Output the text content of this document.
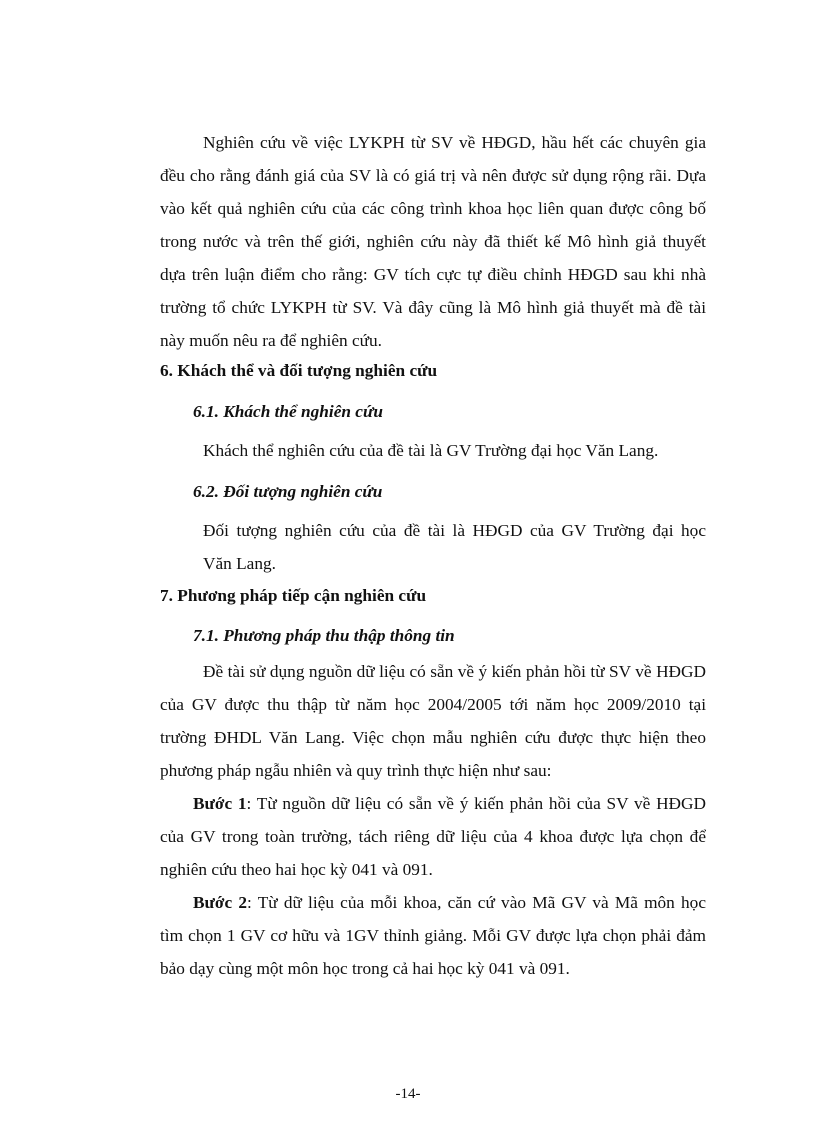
Nghiên cứu về việc LYKPH từ SV về HĐGD, hầu hết các chuyên gia
đều cho rằng đánh giá của SV là có giá trị và nên được sử dụng rộng rãi. Dựa
vào kết quả nghiên cứu của các công trình khoa học liên quan được công bố
trong nước và trên thế giới, nghiên cứu này đã thiết kế Mô hình giả thuyết
dựa trên luận điểm cho rằng: GV tích cực tự điều chỉnh HĐGD sau khi nhà
trường tổ chức LYKPH từ SV. Và đây cũng là Mô hình giả thuyết mà đề tài
này muốn nêu ra để nghiên cứu.
6. Khách thể và đối tượng nghiên cứu
6.1. Khách thể nghiên cứu
Khách thể nghiên cứu của đề tài là GV Trường đại học Văn Lang.
6.2. Đối tượng nghiên cứu
Đối tượng nghiên cứu của đề tài là HĐGD của GV Trường đại học
Văn Lang.
7. Phương pháp tiếp cận nghiên cứu
7.1. Phương pháp thu thập thông tin
Đề tài sử dụng nguồn dữ liệu có sẵn về ý kiến phản hồi từ SV về HĐGD
của GV được thu thập từ năm học 2004/2005 tới năm học 2009/2010 tại
trường ĐHDL Văn Lang. Việc chọn mẫu nghiên cứu được thực hiện theo
phương pháp ngẫu nhiên và quy trình thực hiện như sau:
Bước 1: Từ nguồn dữ liệu có sẵn về ý kiến phản hồi của SV về HĐGD
của GV trong toàn trường, tách riêng dữ liệu của 4 khoa được lựa chọn để
nghiên cứu theo hai học kỳ 041 và 091.
Bước 2: Từ dữ liệu của mỗi khoa, căn cứ vào Mã GV và Mã môn học
tìm chọn 1 GV cơ hữu và 1GV thỉnh giảng. Mỗi GV được lựa chọn phải đảm
bảo dạy cùng một môn học trong cả hai học kỳ 041 và 091.
-14-
